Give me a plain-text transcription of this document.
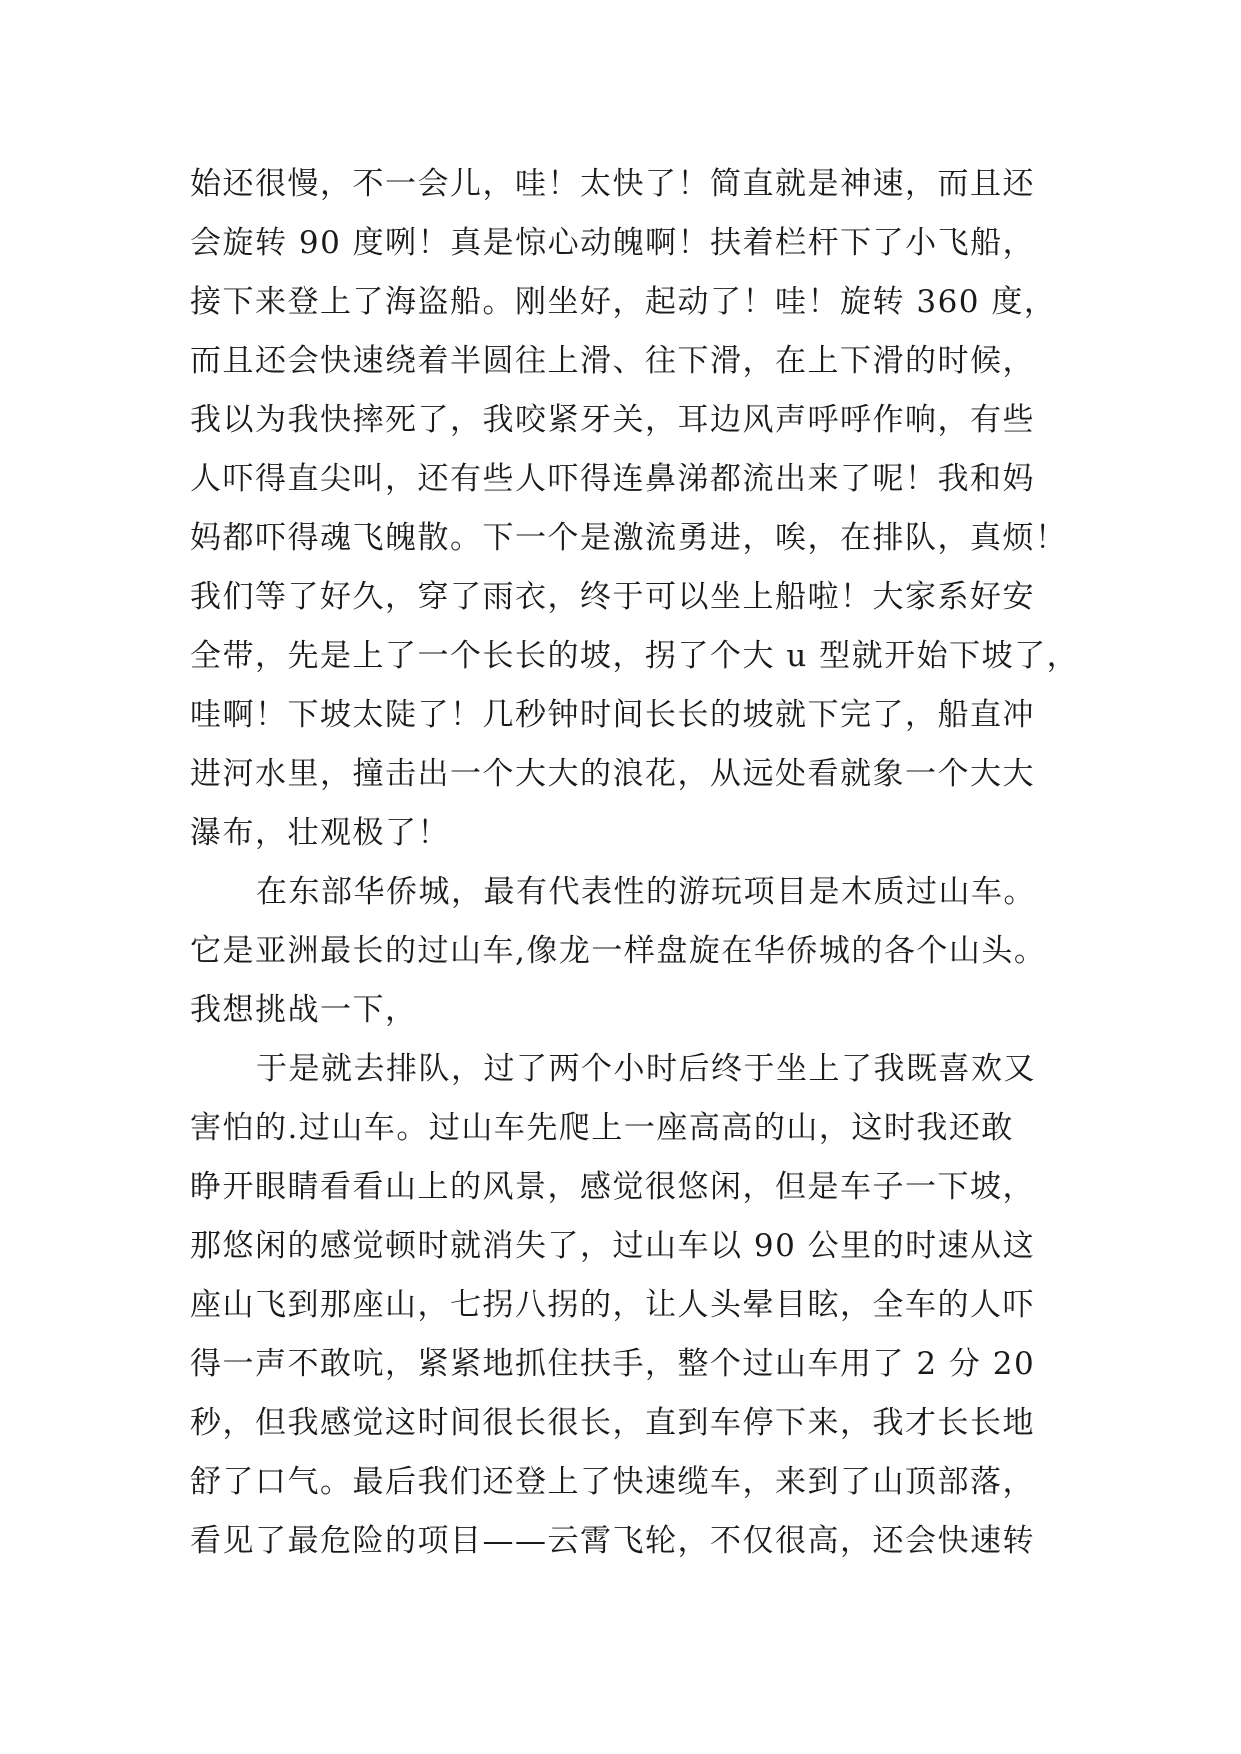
始还很慢，不一会儿，哇！太快了！简直就是神速，而且还
会旋转 90 度咧！真是惊心动魄啊！扶着栏杆下了小飞船，
接下来登上了海盗船。刚坐好，起动了！哇！旋转 360 度，
而且还会快速绕着半圆往上滑、往下滑，在上下滑的时候，
我以为我快摔死了，我咬紧牙关，耳边风声呼呼作响，有些
人吓得直尖叫，还有些人吓得连鼻涕都流出来了呢！我和妈
妈都吓得魂飞魄散。下一个是激流勇进，唉，在排队，真烦！
我们等了好久，穿了雨衣，终于可以坐上船啦！大家系好安
全带，先是上了一个长长的坡，拐了个大 u 型就开始下坡了，
哇啊！下坡太陡了！几秒钟时间长长的坡就下完了，船直冲
进河水里，撞击出一个大大的浪花，从远处看就象一个大大
瀑布，壮观极了！
在东部华侨城，最有代表性的游玩项目是木质过山车。
它是亚洲最长的过山车,像龙一样盘旋在华侨城的各个山头。
我想挑战一下，
于是就去排队，过了两个小时后终于坐上了我既喜欢又
害怕的.过山车。过山车先爬上一座高高的山，这时我还敢
睁开眼睛看看山上的风景，感觉很悠闲，但是车子一下坡，
那悠闲的感觉顿时就消失了，过山车以 90 公里的时速从这
座山飞到那座山，七拐八拐的，让人头晕目眩，全车的人吓
得一声不敢吭，紧紧地抓住扶手，整个过山车用了 2 分 20
秒，但我感觉这时间很长很长，直到车停下来，我才长长地
舒了口气。最后我们还登上了快速缆车，来到了山顶部落，
看见了最危险的项目——云霄飞轮，不仅很高，还会快速转
